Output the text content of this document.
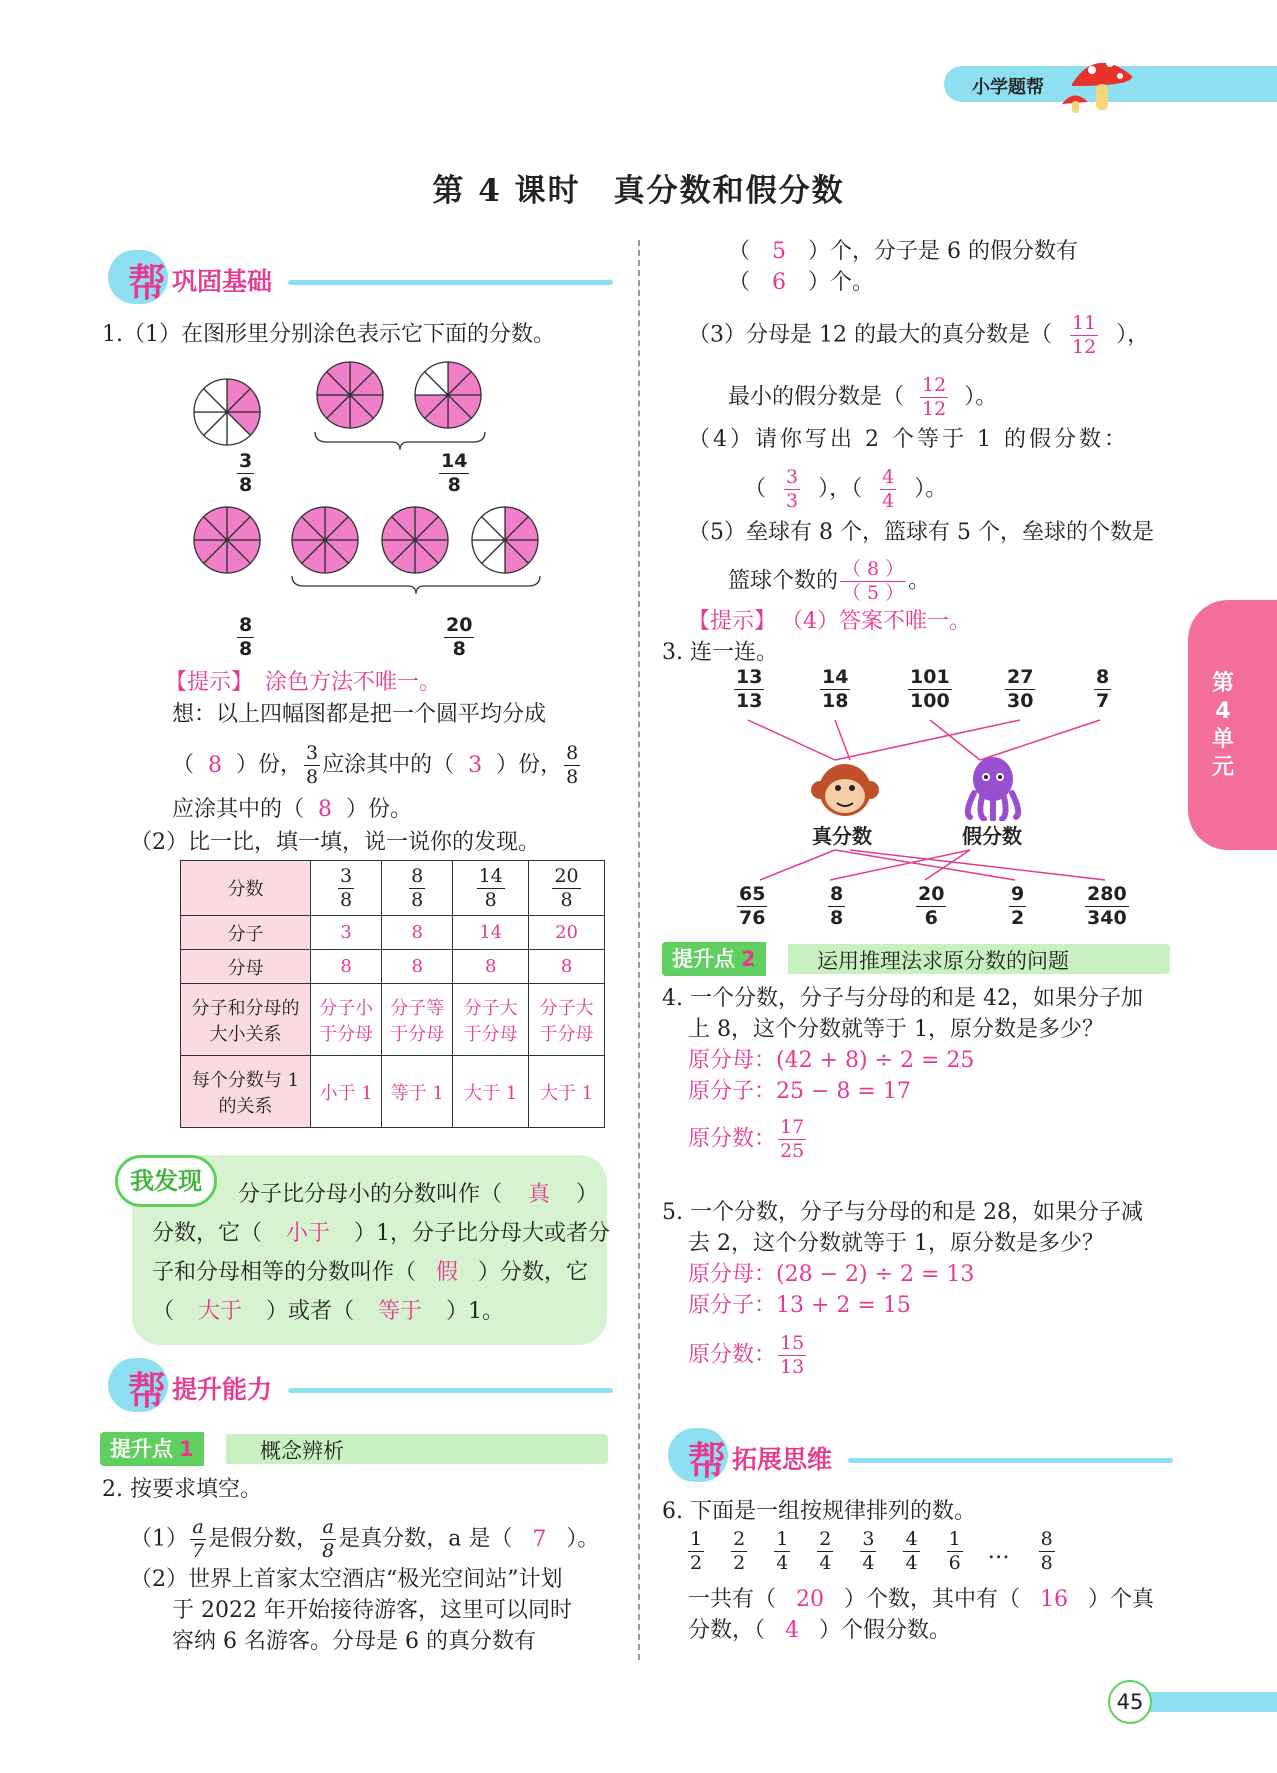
小学题帮
第 4 课时　真分数和假分数
帮 巩固基础
1.（1）在图形里分别涂色表示它下面的分数。
3
8
14
8
8
8
20
8
【提示】 涂色方法不唯一。
想：以上四幅图都是把一个圆平均分成
（ 8 ）份， $\frac{3}{8}$ 应涂其中的（ 3 ）份， $\frac{8}{8}$
应涂其中的（ 8 ）份。
（2）比一比，填一填，说一说你的发现。
分数	$\frac{3}{8}$	$\frac{8}{8}$	$\frac{14}{8}$	$\frac{20}{8}$

分子	3	8	14	20
分母	8	8	8	8
分子和分母的大小关系	分子小于分母	分子等于分母	分子大于分母	分子大于分母
每个分数与 1 的关系	小于 1	等于 1	大于 1	大于 1
我发现	分子比分母小的分数叫作（ 真 ）
分数，它（ 小于 ）1，分子比分母大或者分
子和分母相等的分数叫作（ 假 ）分数，它
（ 大于 ）或者（ 等于 ）1。
帮 提升能力
提升点 1	概念辨析
2. 按要求填空。
$(1) \frac{a}{7}$ 是假分数， $\frac{a}{8}$ 是真分数，a 是（ 7 ）。
（2）世界上首家太空酒店“极光空间站”计划
于 2022 年开始接待游客，这里可以同时
容纳 6 名游客。分母是 6 的真分数有
（ 5 ）个，分子是 6 的假分数有
（ 6 ）个。
（3）分母是 12 的最大的真分数是（ $\frac{11}{12}$ ），
最小的假分数是（ $\frac{12}{12}$ ）。
（4）请你写出 2 个等于 1 的假分数：
（ $\frac{3}{3}$ ），（ $\frac{4}{4}$ ）。
（5）垒球有 8 个，篮球有 5 个，垒球的个数是
篮球个数的 $\frac{( 8 )}{( 5 )}$ 。
【提示】 （4）答案不唯一。
3. 连一连。
13
13
14
18
101
100
27
30
8
7
真分数	假分数
65
76
8
8
20
6
9
2
280
340
提升点 2	运用推理法求原分数的问题
4. 一个分数，分子与分母的和是 42，如果分子加
上 8，这个分数就等于 1，原分数是多少？
原分母：(42 + 8) ÷ 2 = 25
原分子：25 − 8 = 17
原分数： $\frac{17}{25}$
5. 一个分数，分子与分母的和是 28，如果分子减
去 2，这个分数就等于 1，原分数是多少？
原分母：(28 − 2) ÷ 2 = 13
原分子：13 + 2 = 15
原分数： $\frac{15}{13}$
帮 拓展思维
6. 下面是一组按规律排列的数。
$\frac{1}{2}$
$\frac{2}{2}$
$\frac{1}{4}$
$\frac{2}{4}$
$\frac{3}{4}$
$\frac{4}{4}$
$\frac{1}{6}$ … $\frac{8}{8}$
一共有（ 20 ）个数，其中有（ 16 ）个真
分数，（ 4 ）个假分数。
第4单元
45
